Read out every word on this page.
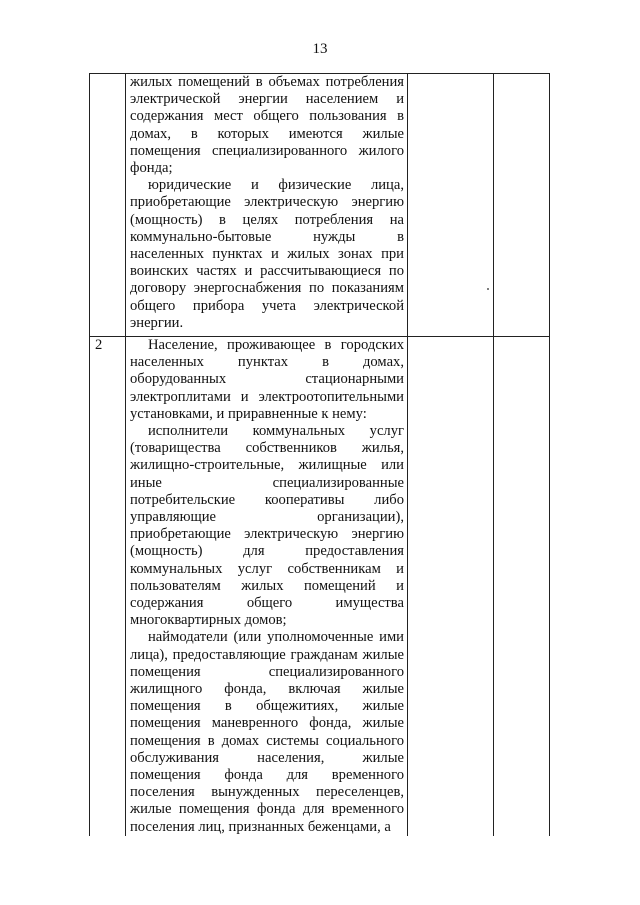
13

	жилых помещений в объемах потребления электрической энергии населением и содержания мест общего пользования в домах, в которых имеются жилые помещения специализированного жилого фонда;

юридические и физические лица, приобретающие электрическую энергию (мощность) в целях потребления на коммунально-бытовые нужды в населенных пунктах и жилых зонах при воинских частях и рассчитывающиеся по договору энергоснабжения по показаниям общего прибора учета электрической энергии.		

2	Население, проживающее в городских населенных пунктах в домах, оборудованных стационарными электроплитами и электроотопительными установками, и приравненные к нему:

исполнители коммунальных услуг (товарищества собственников жилья, жилищно-строительные, жилищные или иные специализированные потребительские кооперативы либо управляющие организации), приобретающие электрическую энергию (мощность) для предоставления коммунальных услуг собственникам и пользователям жилых помещений и содержания общего имущества многоквартирных домов;

наймодатели (или уполномоченные ими лица), предоставляющие гражданам жилые помещения специализированного жилищного фонда, включая жилые помещения в общежитиях, жилые помещения маневренного фонда, жилые помещения в домах системы социального обслуживания населения, жилые помещения фонда для временного поселения вынужденных переселенцев, жилые помещения фонда для временного поселения лиц, признанных беженцами, а		
